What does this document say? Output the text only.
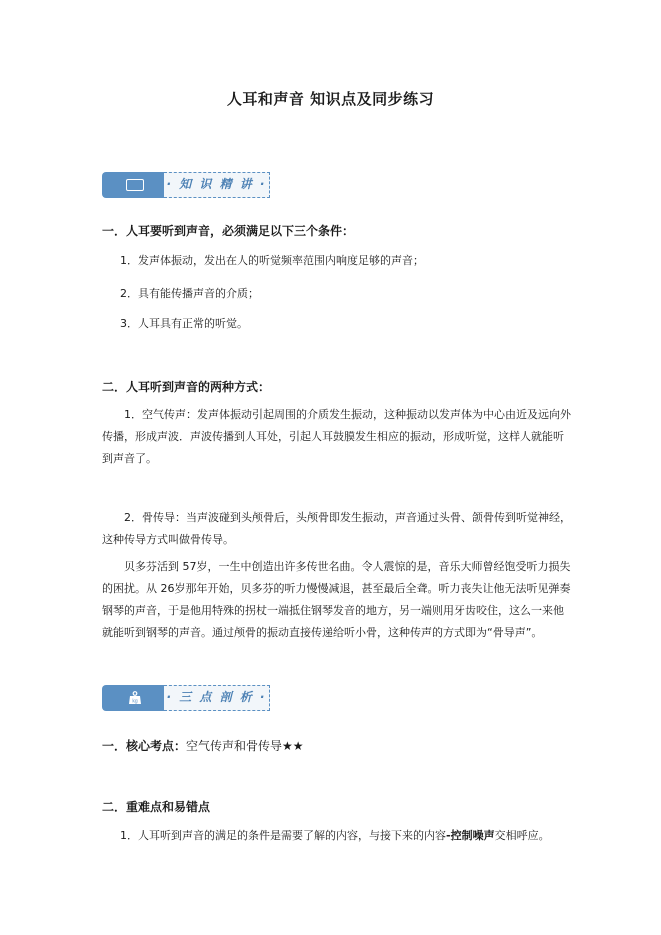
人耳和声音 知识点及同步练习
· 知 识 精 讲 ·
一．人耳要听到声音，必须满足以下三个条件：
1．发声体振动，发出在人的听觉频率范围内响度足够的声音；
2．具有能传播声音的介质；
3．人耳具有正常的听觉。
二．人耳听到声音的两种方式：
1．空气传声：发声体振动引起周围的介质发生振动，这种振动以发声体为中心由近及远向外传播，形成声波．声波传播到人耳处，引起人耳鼓膜发生相应的振动，形成听觉，这样人就能听到声音了。
2．骨传导：当声波碰到头颅骨后，头颅骨即发生振动，声音通过头骨、颌骨传到听觉神经，这种传导方式叫做骨传导。
贝多芬活到 57岁，一生中创造出许多传世名曲。令人震惊的是，音乐大师曾经饱受听力损失的困扰。从 26岁那年开始，贝多芬的听力慢慢减退，甚至最后全聋。听力丧失让他无法听见弹奏钢琴的声音，于是他用特殊的拐杖一端抵住钢琴发音的地方，另一端则用牙齿咬住，这么一来他就能听到钢琴的声音。通过颅骨的振动直接传递给听小骨，这种传声的方式即为“骨导声”。
kg · 三 点 剖 析 ·
一．核心考点：空气传声和骨传导★★
二．重难点和易错点
1．人耳听到声音的满足的条件是需要了解的内容，与接下来的内容-控制噪声交相呼应。
